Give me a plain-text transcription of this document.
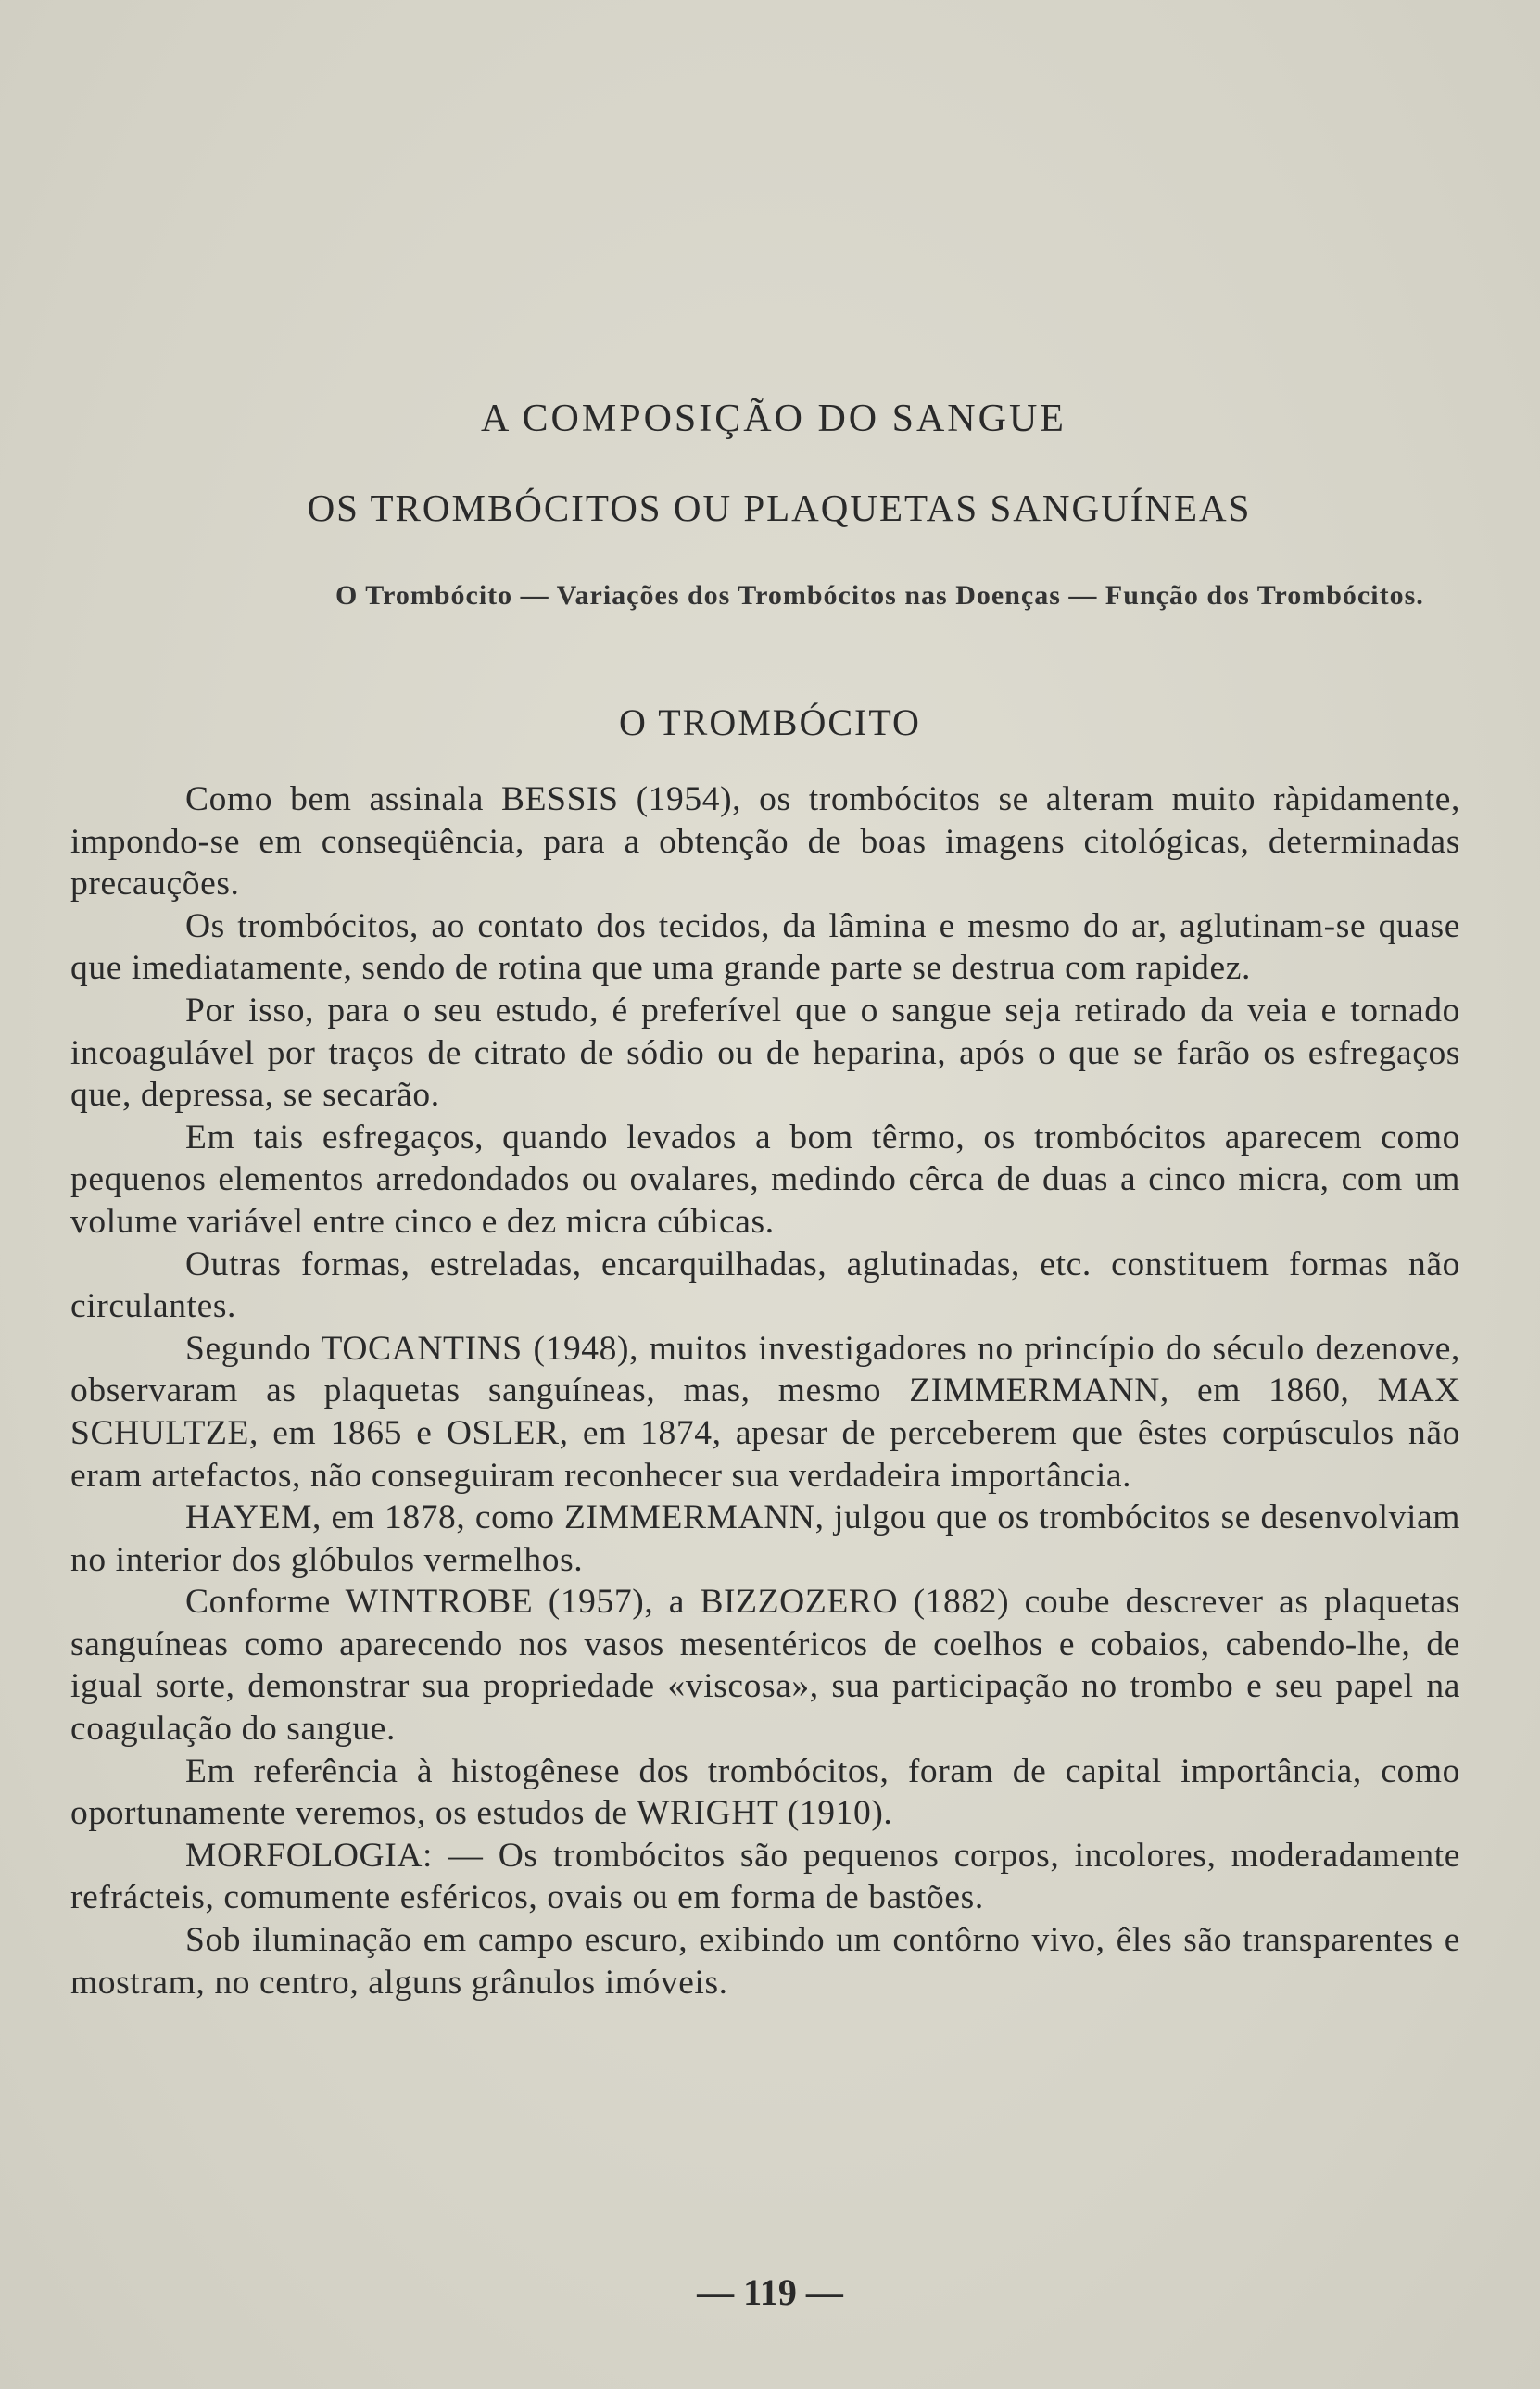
A COMPOSIÇÃO DO SANGUE
OS TROMBÓCITOS OU PLAQUETAS SANGUÍNEAS

O Trombócito — Variações dos Trombócitos nas Doenças — Função dos Trombócitos.

O TROMBÓCITO

Como bem assinala BESSIS (1954), os trombócitos se alteram muito ràpidamente, impondo-se em conseqüência, para a obtenção de boas imagens citológicas, determinadas precauções.

Os trombócitos, ao contato dos tecidos, da lâmina e mesmo do ar, aglutinam-se quase que imediatamente, sendo de rotina que uma grande parte se destrua com rapidez.

Por isso, para o seu estudo, é preferível que o sangue seja retirado da veia e tornado incoagulável por traços de citrato de sódio ou de heparina, após o que se farão os esfregaços que, depressa, se secarão.

Em tais esfregaços, quando levados a bom têrmo, os trombócitos aparecem como pequenos elementos arredondados ou ovalares, medindo cêrca de duas a cinco micra, com um volume variável entre cinco e dez micra cúbicas.

Outras formas, estreladas, encarquilhadas, aglutinadas, etc. constituem formas não circulantes.

Segundo TOCANTINS (1948), muitos investigadores no princípio do século dezenove, observaram as plaquetas sanguíneas, mas, mesmo ZIMMERMANN, em 1860, MAX SCHULTZE, em 1865 e OSLER, em 1874, apesar de perceberem que êstes corpúsculos não eram artefactos, não conseguiram reconhecer sua verdadeira importância.

HAYEM, em 1878, como ZIMMERMANN, julgou que os trombócitos se desenvolviam no interior dos glóbulos vermelhos.

Conforme WINTROBE (1957), a BIZZOZERO (1882) coube descrever as plaquetas sanguíneas como aparecendo nos vasos mesentéricos de coelhos e cobaios, cabendo-lhe, de igual sorte, demonstrar sua propriedade «viscosa», sua participação no trombo e seu papel na coagulação do sangue.

Em referência à histogênese dos trombócitos, foram de capital importância, como oportunamente veremos, os estudos de WRIGHT (1910).

MORFOLOGIA: — Os trombócitos são pequenos corpos, incolores, moderadamente refrácteis, comumente esféricos, ovais ou em forma de bastões.

Sob iluminação em campo escuro, exibindo um contôrno vivo, êles são transparentes e mostram, no centro, alguns grânulos imóveis.

— 119 —
